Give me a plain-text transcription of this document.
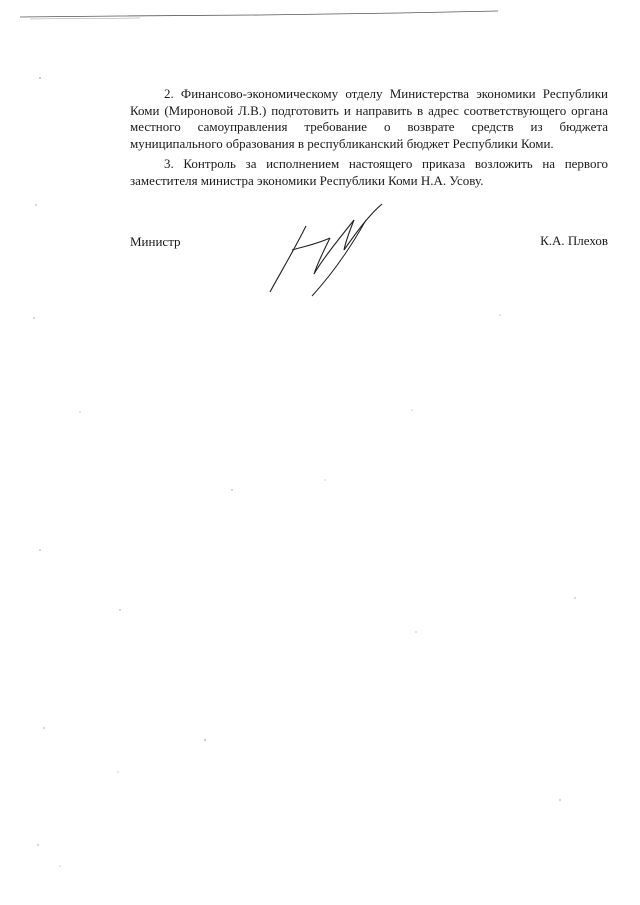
2. Финансово-экономическому отделу Министерства экономики Республики Коми (Мироновой Л.В.) подготовить и направить в адрес соответствующего органа местного самоуправления требование о возврате средств из бюджета муниципального образования в республиканский бюджет Республики Коми.

3. Контроль за исполнением настоящего приказа возложить на первого заместителя министра экономики Республики Коми Н.А. Усову.

Министр	К.А. Плехов
